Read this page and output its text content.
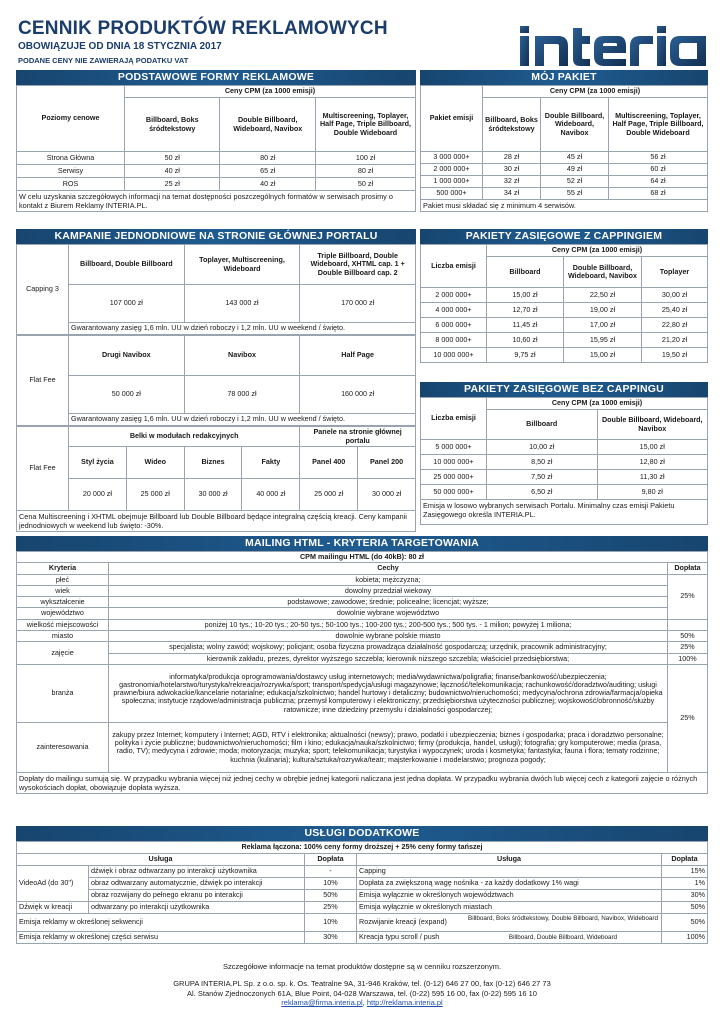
CENNIK PRODUKTÓW REKLAMOWYCH
OBOWIĄZUJE OD DNIA 18 STYCZNIA 2017
PODANE CENY NIE ZAWIERAJĄ PODATKU VAT
PODSTAWOWE FORMY REKLAMOWE
Poziomy cenowe	Ceny CPM (za 1000 emisji)		
	Billboard, Boks śródtekstowy	Double Billboard, Wideboard, Navibox	Multiscreening, Toplayer, Half Page, Triple Billboard, Double Wideboard
Strona Główna	50 zł	80 zł	100 zł
Serwisy	40 zł	65 zł	80 zł
ROS	25 zł	40 zł	50 zł
W celu uzyskania szczegółowych informacji na temat dostępności poszczególnych formatów w serwisach prosimy o kontakt z Biurem Reklamy INTERIA.PL.
MÓJ PAKIET
Pakiet emisji	Ceny CPM (za 1000 emisji)		
	Billboard, Boks śródtekstowy	Double Billboard, Wideboard, Navibox	Multiscreening, Toplayer, Half Page, Triple Billboard, Double Wideboard
3 000 000+	28 zł	45 zł	56 zł
2 000 000+	30 zł	49 zł	60 zł
1 000 000+	32 zł	52 zł	64 zł
500 000+	34 zł	55 zł	68 zł
Pakiet musi składać się z minimum 4 serwisów.
KAMPANIE JEDNODNIOWE NA STRONIE GŁÓWNEJ PORTALU
Capping 3	Billboard, Double Billboard	Toplayer, Multiscreening, Wideboard	Triple Billboard, Double Wideboard, XHTML cap. 1 + Double Billboard cap. 2
	107 000 zł	143 000 zł	170 000 zł
	Gwarantowany zasięg 1,6 mln. UU w dzień roboczy i 1,2 mln. UU w weekend / święto.		
Flat Fee	Drugi Navibox	Navibox	Half Page
	50 000 zł	78 000 zł	160 000 zł
	Gwarantowany zasięg 1,6 mln. UU w dzień roboczy i 1,2 mln. UU w weekend / święto.		
Flat Fee	Belki w modułach redakcyjnych				Panele na stronie głównej portalu	
	Styl życia	Wideo	Biznes	Fakty	Panel 400	Panel 200
	20 000 zł	25 000 zł	30 000 zł	40 000 zł	25 000 zł	30 000 zł
Cena Multiscreening i XHTML obejmuje Billboard lub Double Billboard będące integralną częścią kreacji. Ceny kampanii jednodniowych w weekend lub święto: -30%.
PAKIETY ZASIĘGOWE Z CAPPINGIEM
Liczba emisji	Ceny CPM (za 1000 emisji)		
	Billboard	Double Billboard, Wideboard, Navibox	Toplayer
2 000 000+	15,00 zł	22,50 zł	30,00 zł
4 000 000+	12,70 zł	19,00 zł	25,40 zł
6 000 000+	11,45 zł	17,00 zł	22,80 zł
8 000 000+	10,60 zł	15,95 zł	21,20 zł
10 000 000+	9,75 zł	15,00 zł	19,50 zł
PAKIETY ZASIĘGOWE BEZ CAPPINGU
Liczba emisji	Ceny CPM (za 1000 emisji)	
	Billboard	Double Billboard, Wideboard, Navibox
5 000 000+	10,00 zł	15,00 zł
10 000 000+	8,50 zł	12,80 zł
25 000 000+	7,50 zł	11,30 zł
50 000 000+	6,50 zł	9,80 zł
Emisja w losowo wybranych serwisach Portalu. Minimalny czas emisji Pakietu Zasięgowego określa INTERIA.PL.
MAILING HTML - KRYTERIA TARGETOWANIA
CPM mailingu HTML (do 40kB): 80 zł		
Kryteria	Cechy	Dopłata
płeć	kobieta; mężczyzna;	25%
wiek	dowolny przedział wiekowy	
wykształcenie	podstawowe; zawodowe; średnie; policealne; licencjat; wyższe;	
województwo	dowolnie wybrane województwo	
wielkość miejscowości	poniżej 10 tys.; 10-20 tys.; 20-50 tys.; 50-100 tys.; 100-200 tys.; 200-500 tys.; 500 tys. - 1 milion; powyżej 1 miliona;	
miasto	dowolnie wybrane polskie miasto	50%
zajęcie	specjalista; wolny zawód; wojskowy; policjant; osoba fizyczna prowadząca działalność gospodarczą; urzędnik, pracownik administracyjny;	25%
	kierownik zakładu, prezes, dyrektor wyższego szczebla; kierownik niższego szczebla; właściciel przedsiębiorstwa;	100%
branża	informatyka/produkcja oprogramowania/dostawcy usług internetowych; media/wydawnictwa/poligrafia; finanse/bankowość/ubezpieczenia; gastronomia/hotelarstwo/turystyka/rekreacja/rozrywka/sport; transport/spedycja/usługi magazynowe; łączność/telekomunikacja; rachunkowość/doradztwo/auditing; usługi prawne/biura adwokackie/kancelarie notarialne; edukacja/szkolnictwo; handel hurtowy i detaliczny; budownictwo/nieruchomości; medycyna/ochrona zdrowia/farmacja/opieka społeczna; instytucje rządowe/administracja publiczna; przemysł komputerowy i elektroniczny; przedsiębiorstwa użyteczności publicznej; wojskowość/obronność/służby ratownicze; inne dziedziny przemysłu i działalności gospodarczej;	25%
zainteresowania	zakupy przez Internet; komputery i Internet; AGD, RTV i elektronika; aktualności (newsy); prawo, podatki i ubezpieczenia; biznes i gospodarka; praca i doradztwo personalne; polityka i życie publiczne; budownictwo/nieruchomości; film i kino; edukacja/nauka/szkolnictwo; firmy (produkcja, handel, usługi); fotografia; gry komputerowe; media (prasa, radio, TV); medycyna i zdrowie; moda; motoryzacja; muzyka; sport; telekomunikacja; turystyka i wypoczynek; uroda i kosmetyka; fantastyka; fauna i flora; tematy rodzinne; kuchnia (kulinaria); kultura/sztuka/rozrywka/teatr; majsterkowanie i modelarstwo; prognoza pogody;	
Dopłaty do mailingu sumują się. W przypadku wybrania więcej niż jednej cechy w obrębie jednej kategorii naliczana jest jedna dopłata. W przypadku wybrania dwóch lub więcej cech z kategorii zajęcie o różnych wysokościach dopłat, obowiązuje dopłata wyższa.
USŁUGI DODATKOWE
Reklama łączona: 100% ceny formy droższej + 25% ceny formy tańszej				
Usługa		Dopłata	Usługa	Dopłata
VideoAd (do 30")	dźwięk i obraz odtwarzany po interakcji użytkownika	-	Capping	15%
	obraz odtwarzany automatycznie, dźwięk po interakcji	10%	Dopłata za zwiększoną wagę nośnika - za każdy dodatkowy 1% wagi	1%
	obraz rozwijany do pełnego ekranu po interakcji	50%	Emisja wyłącznie w określonych województwach	30%
Dźwięk w kreacji	odtwarzany po interakcji użytkownika	25%	Emisja wyłącznie w określonych miastach	50%
Emisja reklamy w określonej sekwencji		10%	Rozwijanie kreacji (expand) Billboard, Boks śródtekstowy, Double Billboard, Navibox, Wideboard	50%
Emisja reklamy w określonej części serwisu		30%	Kreacja typu scroll / push Billboard, Double Billboard, Wideboard	100%
Szczegółowe informacje na temat produktów dostępne są w cenniku rozszerzonym.
GRUPA INTERIA.PL Sp. z o.o. sp. k. Os. Teatralne 9A, 31-946 Kraków, tel. (0-12) 646 27 00, fax (0-12) 646 27 73
Al. Stanów Zjednoczonych 61A, Blue Point, 04-028 Warszawa, tel. (0-22) 595 16 00, fax (0-22) 595 16 10
reklama@firma.interia.pl, http://reklama.interia.pl
